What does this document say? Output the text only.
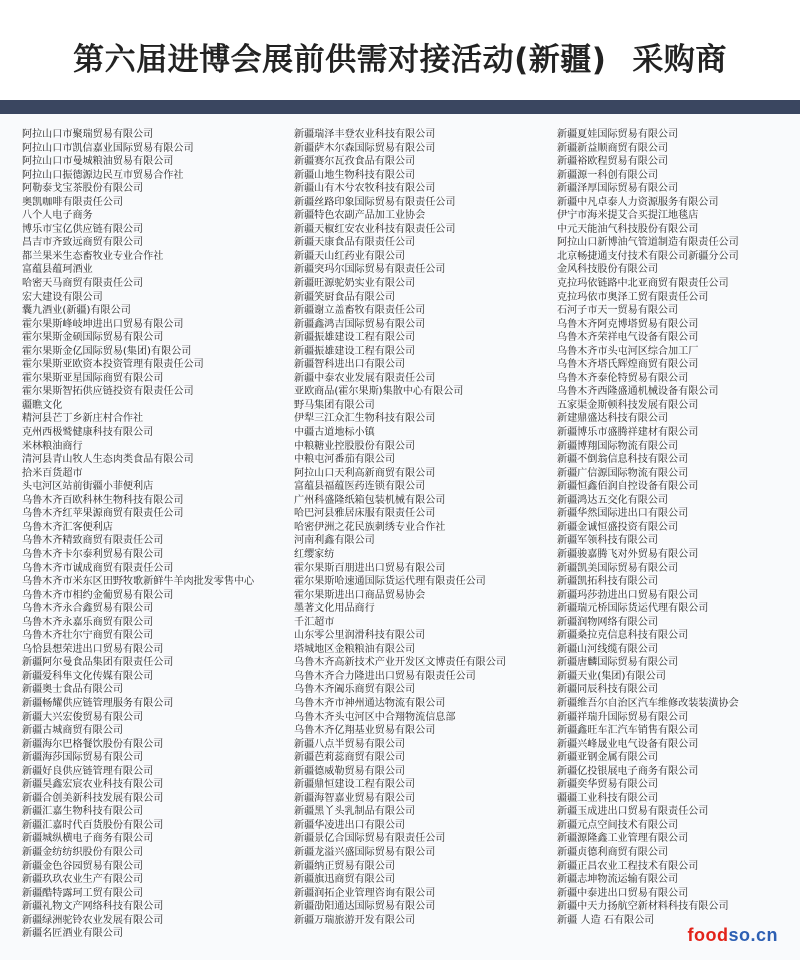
第六届进博会展前供需对接活动(新疆) 采购商
阿拉山口市聚瑞贸易有限公司
阿拉山口市凯信嘉业国际贸易有限公司
阿拉山口市曼城粮油贸易有限公司
阿拉山口振德源边民互市贸易合作社
阿勒泰戈宝茶股份有限公司
奥凯咖啡有限责任公司
八个人电子商务
博乐市宝亿供应链有限公司
昌吉市齐致远商贸有限公司
都兰果米生态畜牧业专业合作社
富蕴县蕴珂酒业
哈密天马商贸有限责任公司
宏大建设有限公司
囊九酒业(新疆)有限公司
霍尔果斯峰岐坤进出口贸易有限公司
霍尔果斯金硕国际贸易有限公司
霍尔果斯金亿国际贸易(集团)有限公司
霍尔果斯亚欧资本投资管理有限责任公司
霍尔果斯亚星国际商贸有限公司
霍尔果斯智拓供应链投资有限责任公司
疆瞧文化
精河县芒丁乡新庄村合作社
克州西极鹫健康科技有限公司
米林粮油商行
清河县青山牧人生态肉类食品有限公司
拾米百货超市
头屯河区站前街疆小菲便利店
乌鲁木齐百欧科林生物科技有限公司
乌鲁木齐红苹果源商贸有限责任公司
乌鲁木齐汇客便利店
乌鲁木齐精致商贸有限责任公司
乌鲁木齐卡尔泰利贸易有限公司
乌鲁木齐市诚成商贸有限责任公司
乌鲁木齐市米东区田野牧歌新鲜牛羊肉批发零售中心
乌鲁木齐市相约金葡贸易有限公司
乌鲁木齐永合鑫贸易有限公司
乌鲁木齐永嘉乐商贸有限公司
乌鲁木齐壮尔宁商贸有限公司
乌恰县想荣进出口贸易有限公司
新疆阿尔曼食品集团有限责任公司
新疆爱科隼文化传媒有限公司
新疆奥士食品有限公司
新疆畅耀供应链管理服务有限公司
新疆大兴宏俊贸易有限公司
新疆古城商贸有限公司
新疆海尔巴格餐饮股份有限公司
新疆海莎国际贸易有限公司
新疆好良供应链管理有限公司
新疆昊鑫宏宸农业科技有限公司
新疆合创美新科技发展有限公司
新疆汇嘉生物科技有限公司
新疆汇嘉时代百货股份有限公司
新疆城纵横电子商务有限公司
新疆金纺纺织股份有限公司
新疆金色谷园贸易有限公司
新疆玖玖农业生产有限公司
新疆酷特露珂工贸有限公司
新疆礼物文产网络科技有限公司
新疆绿洲驼铃农业发展有限公司
新疆名匠酒业有限公司
新疆瑞泽丰登农业科技有限公司
新疆萨木尔森国际贸易有限公司
新疆赛尔瓦孜食品有限公司
新疆山地生物科技有限公司
新疆山有木兮农牧科技有限公司
新疆丝路印象国际贸易有限责任公司
新疆特色农副产品加工业协会
新疆天椒红安农业科技有限责任公司
新疆天康食品有限责任公司
新疆天山红药业有限公司
新疆突玛尔国际贸易有限责任公司
新疆旺源驼奶实业有限公司
新疆笑厨食品有限公司
新疆谢立盖畜牧有限责任公司
新疆鑫鸿吉国际贸易有限公司
新疆振雄建设工程有限公司
新疆振雄建设工程有限公司
新疆智科进出口有限公司
新疆中泰农业发展有限责任公司
亚欧商品(霍尔果斯)集散中心有限公司
野马集团有限公司
伊犁三江众汇生物科技有限公司
中疆古道地标小镇
中粮糖业控股股份有限公司
中粮屯河番茄有限公司
阿拉山口天利高新商贸有限公司
富蕴县福蕴医药连锁有限公司
广州科盛隆纸箱包装机械有限公司
哈巴河县雅居床服有限责任公司
哈密伊洲之花民族刺绣专业合作社
河南利鑫有限公司
红缨家纺
霍尔果斯百朋进出口贸易有限公司
霍尔果斯哈速通国际货运代理有限责任公司
霍尔果斯进出口商品贸易协会
墨著文化用品商行
千汇超市
山东零公里润滑科技有限公司
塔城地区金粮粮油有限公司
乌鲁木齐高新技术产业开发区文博责任有限公司
乌鲁木齐合力隆进出口贸易有限责任公司
乌鲁木齐阖乐商贸有限公司
乌鲁木齐市神州通达物流有限公司
乌鲁木齐头屯河区中合翔物流信息部
乌鲁木齐亿翔基业贸易有限公司
新疆八点半贸易有限公司
新疆芭莉蕊商贸有限公司
新疆德威勒贸易有限公司
新疆鼎恒建设工程有限公司
新疆海智嘉业贸易有限公司
新疆黑丫头乳制品有限公司
新疆华凌进出口有限公司
新疆景亿合国际贸易有限责任公司
新疆龙溢兴盛国际贸易有限公司
新疆纳正贸易有限公司
新疆旗迅商贸有限公司
新疆润拓企业管理咨询有限公司
新疆劭阳通达国际贸易有限公司
新疆万瑞旅游开发有限公司
新疆夏娃国际贸易有限公司
新疆新益顺商贸有限公司
新疆裕欧程贸易有限公司
新疆源一科创有限公司
新疆泽厚国际贸易有限公司
新疆中凡卓泰人力资源服务有限公司
伊宁市海米提艾合买提江地毯店
中元天能油气科技股份有限公司
阿拉山口新博油气管道制造有限责任公司
北京畅捷通支付技术有限公司新疆分公司
金风科技股份有限公司
克拉玛依链路中北亚商贸有限责任公司
克拉玛依市奥泽工贸有限责任公司
石河子市天一贸易有限公司
乌鲁木齐阿克博塔贸易有限公司
乌鲁木齐荣祥电气设备有限公司
乌鲁木齐市头屯河区综合加工厂
乌鲁木齐塔氏辉煌商贸有限公司
乌鲁木齐泰伦特贸易有限公司
乌鲁木齐西隆盛通机械设备有限公司
五家渠金斯顿科技发展有限公司
新建鼎盛达科技有限公司
新疆博乐市盛腾祥建材有限公司
新疆博翔国际物流有限公司
新疆不倒翁信息科技有限公司
新疆广信源国际物流有限公司
新疆恒鑫佰润自控设备有限公司
新疆鸿达五交化有限公司
新疆华然国际进出口有限公司
新疆金诚恒盛投资有限公司
新疆军领科技有限公司
新疆骏嘉腾飞对外贸易有限公司
新疆凯美国际贸易有限公司
新疆凯拓科技有限公司
新疆玛莎勃进出口贸易有限公司
新疆瑞元桥国际货运代理有限公司
新疆润物网络有限公司
新疆桑拉克信息科技有限公司
新疆山河线缆有限公司
新疆唐麟国际贸易有限公司
新疆天业(集团)有限公司
新疆同辰科技有限公司
新疆维吾尔自治区汽车维修改装装潢协会
新疆祥瑞升国际贸易有限公司
新疆鑫旺车汇汽车销售有限公司
新疆兴峰晟业电气设备有限公司
新疆亚钢金属有限公司
新疆亿投银展电子商务有限公司
新疆奕华贸易有限公司
疆疆工业科技有限公司
新疆玉成进出口贸易有限责任公司
新疆元点空间技术有限公司
新疆源隆鑫工业管理有限公司
新疆贞德利商贸有限公司
新疆正昌农业工程技术有限公司
新疆志坤物流运输有限公司
新疆中泰进出口贸易有限公司
新疆中天力扬航空新材料科技有限公司
新疆 人造 石有限公司
foodso.cn
